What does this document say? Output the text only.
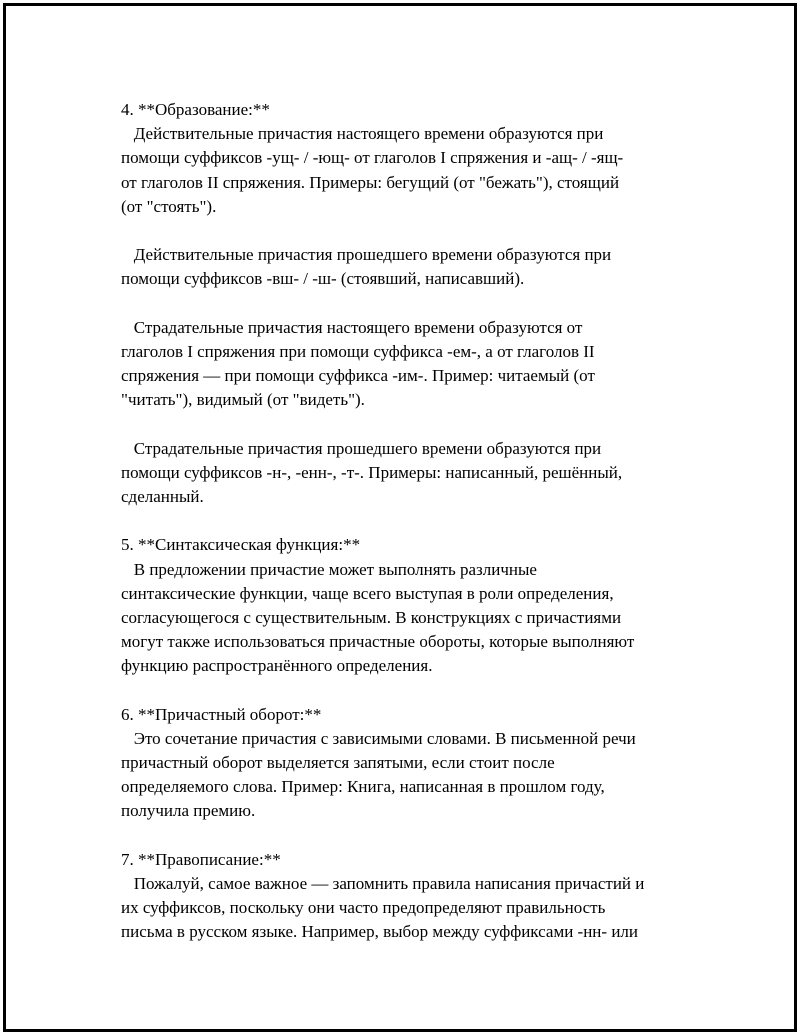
4. **Образование:**
Действительные причастия настоящего времени образуются при
помощи суффиксов -ущ- / -ющ- от глаголов I спряжения и -ащ- / -ящ-
от глаголов II спряжения. Примеры: бегущий (от "бежать"), стоящий
(от "стоять").
Действительные причастия прошедшего времени образуются при
помощи суффиксов -вш- / -ш- (стоявший, написавший).
Страдательные причастия настоящего времени образуются от
глаголов I спряжения при помощи суффикса -ем-, а от глаголов II
спряжения — при помощи суффикса -им-. Пример: читаемый (от
"читать"), видимый (от "видеть").
Страдательные причастия прошедшего времени образуются при
помощи суффиксов -н-, -енн-, -т-. Примеры: написанный, решённый,
сделанный.
5. **Синтаксическая функция:**
В предложении причастие может выполнять различные
синтаксические функции, чаще всего выступая в роли определения,
согласующегося с существительным. В конструкциях с причастиями
могут также использоваться причастные обороты, которые выполняют
функцию распространённого определения.
6. **Причастный оборот:**
Это сочетание причастия с зависимыми словами. В письменной речи
причастный оборот выделяется запятыми, если стоит после
определяемого слова. Пример: Книга, написанная в прошлом году,
получила премию.
7. **Правописание:**
Пожалуй, самое важное — запомнить правила написания причастий и
их суффиксов, поскольку они часто предопределяют правильность
письма в русском языке. Например, выбор между суффиксами -нн- или
